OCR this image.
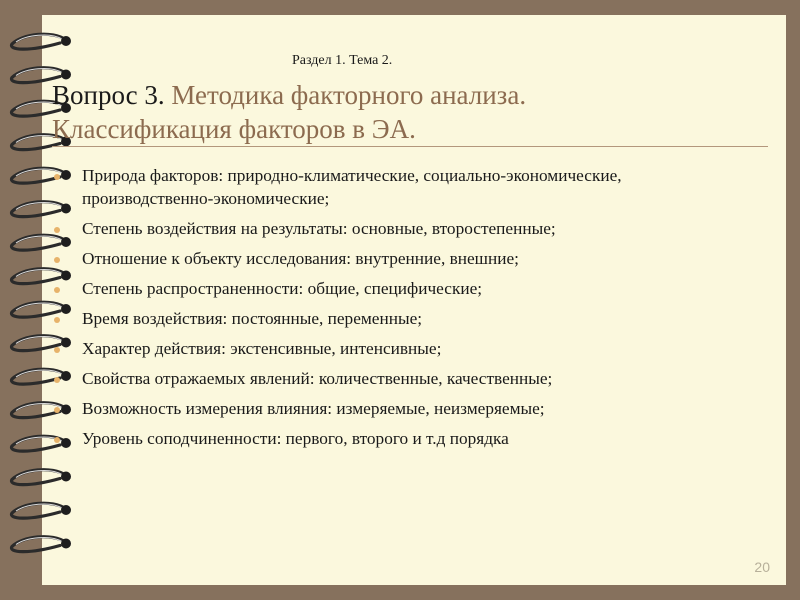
Раздел 1. Тема 2.
Вопрос 3. Методика факторного анализа.
Классификация факторов в ЭА.
Природа факторов: природно-климатические, социально-экономические, производственно-экономические;
Степень воздействия на результаты: основные, второстепенные;
Отношение к объекту исследования: внутренние, внешние;
Степень распространенности: общие, специфические;
Время воздействия: постоянные, переменные;
Характер действия: экстенсивные, интенсивные;
Свойства отражаемых явлений: количественные, качественные;
Возможность измерения влияния: измеряемые, неизмеряемые;
Уровень соподчиненности: первого, второго и т.д порядка
20
